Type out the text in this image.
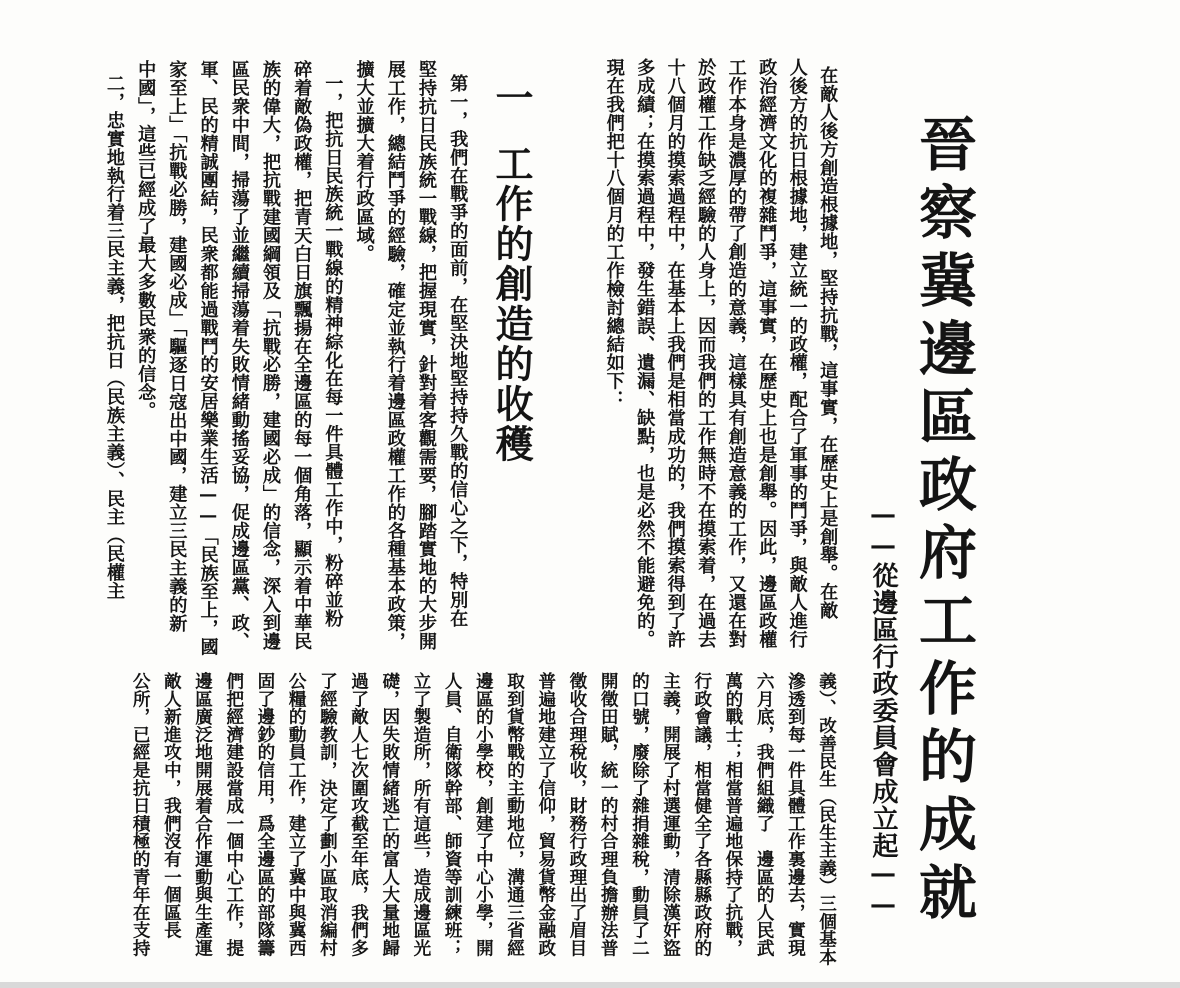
晉察冀邊區政府工作的成就
——從邊區行政委員會成立起——
在敵人後方創造根據地，堅持抗戰，這事實，在歷史上是創舉。在敵
人後方的抗日根據地，建立統一的政權，配合了軍事的鬥爭，與敵人進行
政治經濟文化的複雜鬥爭，這事實，在歷史上也是創舉。因此，邊區政權
工作本身是濃厚的帶了創造的意義，這樣具有創造意義的工作，又還在對
於政權工作缺乏經驗的人身上，因而我們的工作無時不在摸索着，在過去
十八個月的摸索過程中，在基本上我們是相當成功的，我們摸索得到了許
多成績；在摸索過程中，發生錯誤、遺漏、缺點，也是必然不能避免的。
現在我們把十八個月的工作檢討總結如下：
一工作的創造的收穫
第一，我們在戰爭的面前，在堅決地堅持持久戰的信心之下，特別在
堅持抗日民族統一戰線，把握現實，針對着客觀需要，腳踏實地的大步開
展工作，總結鬥爭的經驗，確定並執行着邊區政權工作的各種基本政策，
擴大並擴大着行政區域。
一，把抗日民族統一戰線的精神綜化在每一件具體工作中，粉碎並粉
碎着敵偽政權，把青天白日旗飄揚在全邊區的每一個角落，顯示着中華民
族的偉大，把抗戰建國綱領及「抗戰必勝，建國必成」的信念，深入到邊
區民衆中間，掃蕩了並繼續掃蕩着失敗情緒動搖妥協，促成邊區黨、政、
軍、民的精誠團結，民衆都能過戰鬥的安居樂業生活——「民族至上，國
家至上」「抗戰必勝，建國必成」「驅逐日寇出中國，建立三民主義的新
中國」，這些已經成了最大多數民衆的信念。
二，忠實地執行着三民主義，把抗日（民族主義）、民主（民權主
義）、改善民生（民生主義）三個基本
滲透到每一件具體工作裏邊去，實現
六月底，我們組織了　邊區的人民武
萬的戰士；相當普遍地保持了抗戰，
行政會議，相當健全了各縣縣政府的
主義，開展了村選運動，清除漢奸盜
的口號，廢除了雜捐雜稅，動員了二
開徵田賦，統一的村合理負擔辦法普
徵收合理稅收，財務行政理出了眉目
普遍地建立了信仰，貿易貨幣金融政
取到貨幣戰的主動地位，溝通三省經
邊區的小學校，創建了中心小學，開
人員、自衛隊幹部、師資等訓練班；
立了製造所，所有這些，造成邊區光
礎，因失敗情緒逃亡的富人大量地歸
過了敵人七次圍攻截至年底，我們多
了經驗教訓，決定了劃小區取消編村
公糧的動員工作，建立了冀中與冀西
固了邊鈔的信用，爲全邊區的部隊籌
們把經濟建設當成一個中心工作，提
邊區廣泛地開展着合作運動與生產運
敵人新進攻中，我們沒有一個區長
公所，已經是抗日積極的青年在支持
